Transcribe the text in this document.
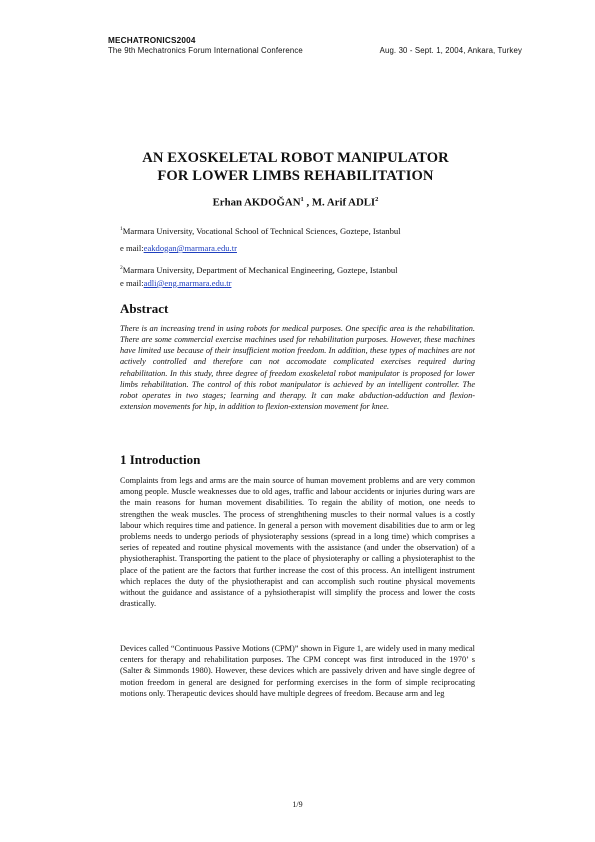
MECHATRONICS2004
The 9th Mechatronics Forum International Conference	Aug. 30 - Sept. 1, 2004, Ankara, Turkey
AN EXOSKELETAL ROBOT MANIPULATOR
FOR LOWER LIMBS REHABILITATION
Erhan AKDOĞAN$^1$ , M. Arif ADLI$^2$
$^1$Marmara University, Vocational School of Technical Sciences, Goztepe, Istanbul
e mail:eakdogan@marmara.edu.tr
$^2$Marmara University, Department of Mechanical Engineering, Goztepe, Istanbul
e mail:adli@eng.marmara.edu.tr
Abstract
There is an increasing trend in using robots for medical purposes. One specific area is the rehabilitation. There are some commercial exercise machines used for rehabilitation purposes. However, these machines have limited use because of their insufficient motion freedom. In addition, these types of machines are not actively controlled and therefore can not accomodate complicated exercises required during rehabilitation. In this study, three degree of freedom exoskeletal robot manipulator is proposed for lower limbs rehabilitation. The control of this robot manipulator is achieved by an intelligent controller. The robot operates in two stages; learning and therapy. It can make abduction-adduction and flexion-extension movements for hip, in addition to flexion-extension movement for knee.
1 Introduction
Complaints from legs and arms are the main source of human movement problems and are very common among people. Muscle weaknesses due to old ages, traffic and labour accidents or injuries during wars are the main reasons for human movement disabilities. To regain the ability of motion, one needs to strengthen the weak muscles. The process of strenghthening muscles to their normal values is a costly labour which requires time and patience. In general a person with movement disabilities due to arm or leg problems needs to undergo periods of physioteraphy sessions (spread in a long time) which comprises a series of repeated and routine physical movements with the assistance (and under the observation) of a physiotheraphist. Transporting the patient to the place of physioteraphy or calling a physioteraphist to the place of the patient are the factors that further increase the cost of this process. An intelligent instrument which replaces the duty of the physiotherapist and can accomplish such routine physical movements without the guidance and assistance of a pyhsiotherapist will simplify the process and lower the costs drastically.
Devices called “Continuous Passive Motions (CPM)” shown in Figure 1, are widely used in many medical centers for therapy and rehabilitation purposes. The CPM concept was first introduced in the 1970’ s (Salter & Simmonds 1980). However, these devices which are passively driven and have single degree of motion freedom in general are designed for performing exercises in the form of simple reciprocating motions only. Therapeutic devices should have multiple degrees of freedom. Because arm and leg
1/9
